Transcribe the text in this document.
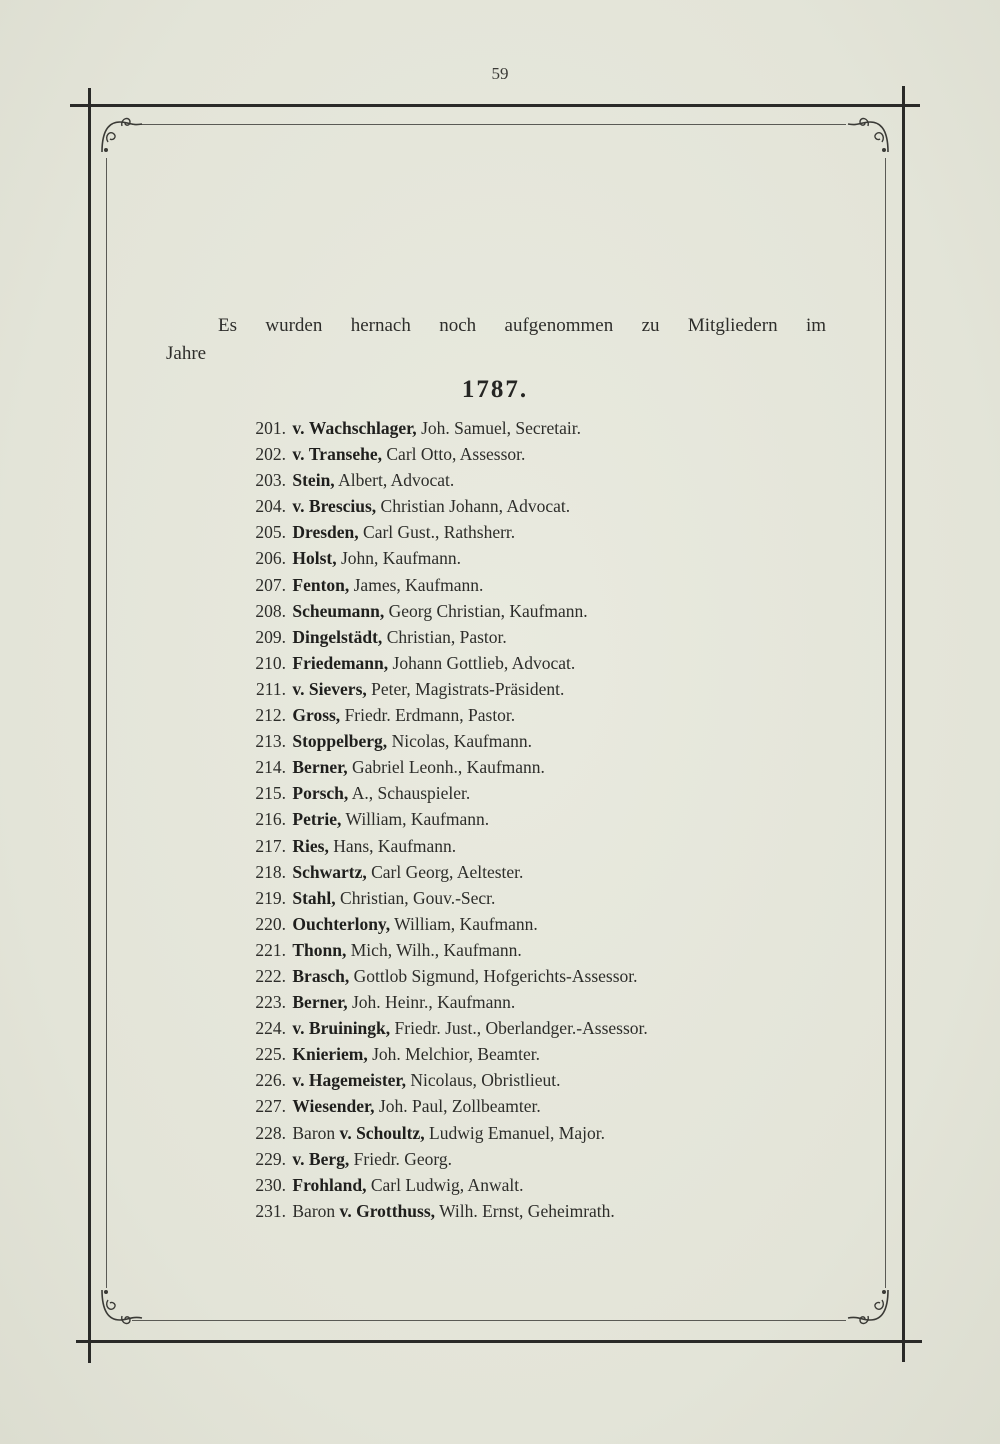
59
Es wurden hernach noch aufgenommen zu Mitgliedern im
Jahre
1787.
201. v. Wachschlager, Joh. Samuel, Secretair.
202. v. Transehe, Carl Otto, Assessor.
203. Stein, Albert, Advocat.
204. v. Brescius, Christian Johann, Advocat.
205. Dresden, Carl Gust., Rathsherr.
206. Holst, John, Kaufmann.
207. Fenton, James, Kaufmann.
208. Scheumann, Georg Christian, Kaufmann.
209. Dingelstädt, Christian, Pastor.
210. Friedemann, Johann Gottlieb, Advocat.
211. v. Sievers, Peter, Magistrats-Präsident.
212. Gross, Friedr. Erdmann, Pastor.
213. Stoppelberg, Nicolas, Kaufmann.
214. Berner, Gabriel Leonh., Kaufmann.
215. Porsch, A., Schauspieler.
216. Petrie, William, Kaufmann.
217. Ries, Hans, Kaufmann.
218. Schwartz, Carl Georg, Aeltester.
219. Stahl, Christian, Gouv.-Secr.
220. Ouchterlony, William, Kaufmann.
221. Thonn, Mich, Wilh., Kaufmann.
222. Brasch, Gottlob Sigmund, Hofgerichts-Assessor.
223. Berner, Joh. Heinr., Kaufmann.
224. v. Bruiningk, Friedr. Just., Oberlandger.-Assessor.
225. Knieriem, Joh. Melchior, Beamter.
226. v. Hagemeister, Nicolaus, Obristlieut.
227. Wiesender, Joh. Paul, Zollbeamter.
228. Baron v. Schoultz, Ludwig Emanuel, Major.
229. v. Berg, Friedr. Georg.
230. Frohland, Carl Ludwig, Anwalt.
231. Baron v. Grotthuss, Wilh. Ernst, Geheimrath.
